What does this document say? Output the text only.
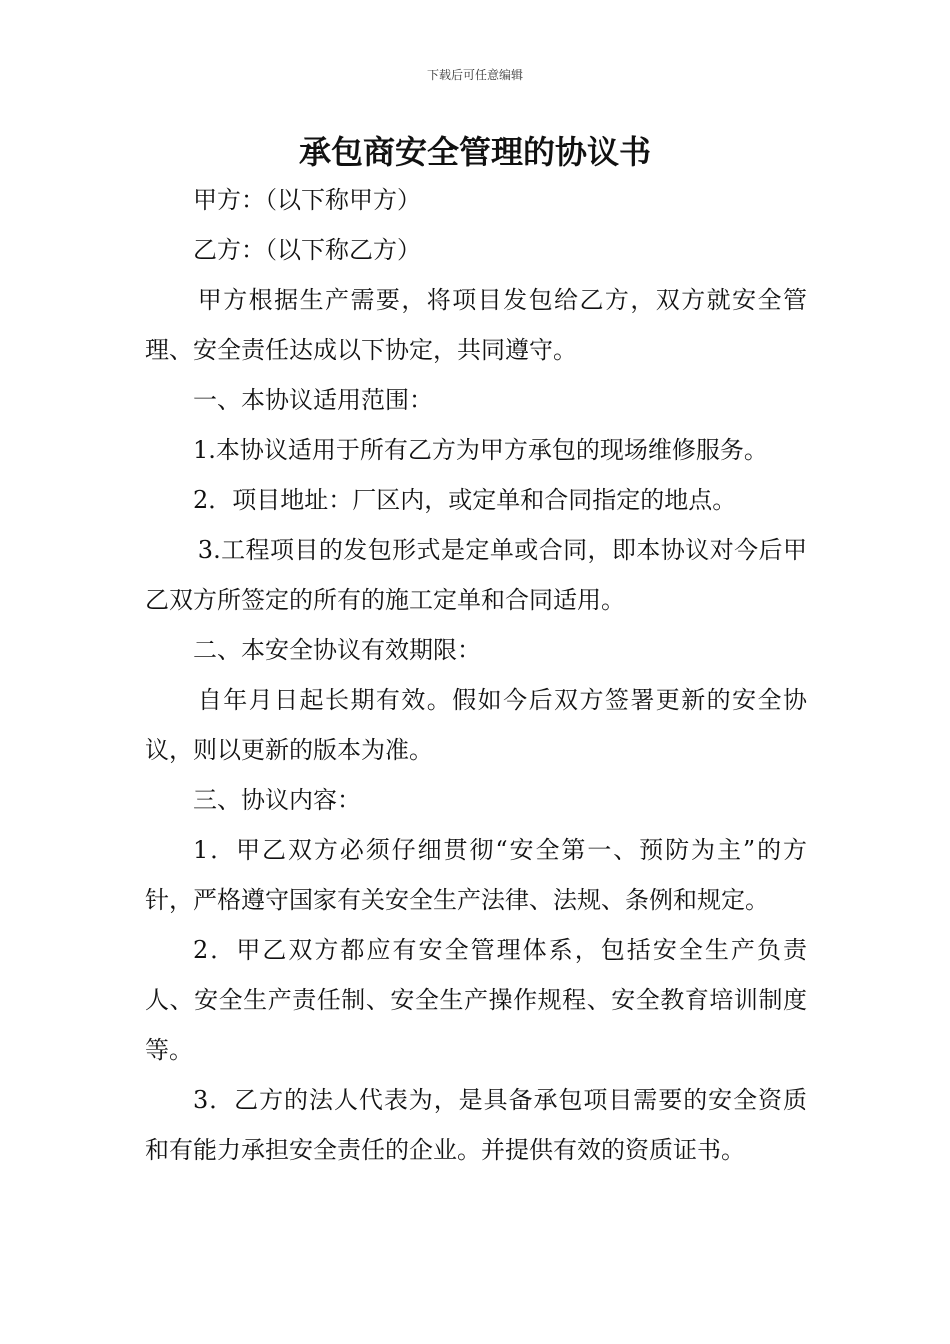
下载后可任意编辑
承包商安全管理的协议书

甲方：（以下称甲方）

乙方：（以下称乙方）

甲方根据生产需要，将项目发包给乙方，双方就安全管理、安全责任达成以下协定，共同遵守。

一、本协议适用范围：

1.本协议适用于所有乙方为甲方承包的现场维修服务。

2．项目地址：厂区内，或定单和合同指定的地点。

3.工程项目的发包形式是定单或合同，即本协议对今后甲乙双方所签定的所有的施工定单和合同适用。

二、本安全协议有效期限：

自年月日起长期有效。假如今后双方签署更新的安全协议，则以更新的版本为准。

三、协议内容：

1．甲乙双方必须仔细贯彻“安全第一、预防为主”的方针，严格遵守国家有关安全生产法律、法规、条例和规定。

2．甲乙双方都应有安全管理体系，包括安全生产负责人、安全生产责任制、安全生产操作规程、安全教育培训制度等。

3．乙方的法人代表为，是具备承包项目需要的安全资质和有能力承担安全责任的企业。并提供有效的资质证书。
